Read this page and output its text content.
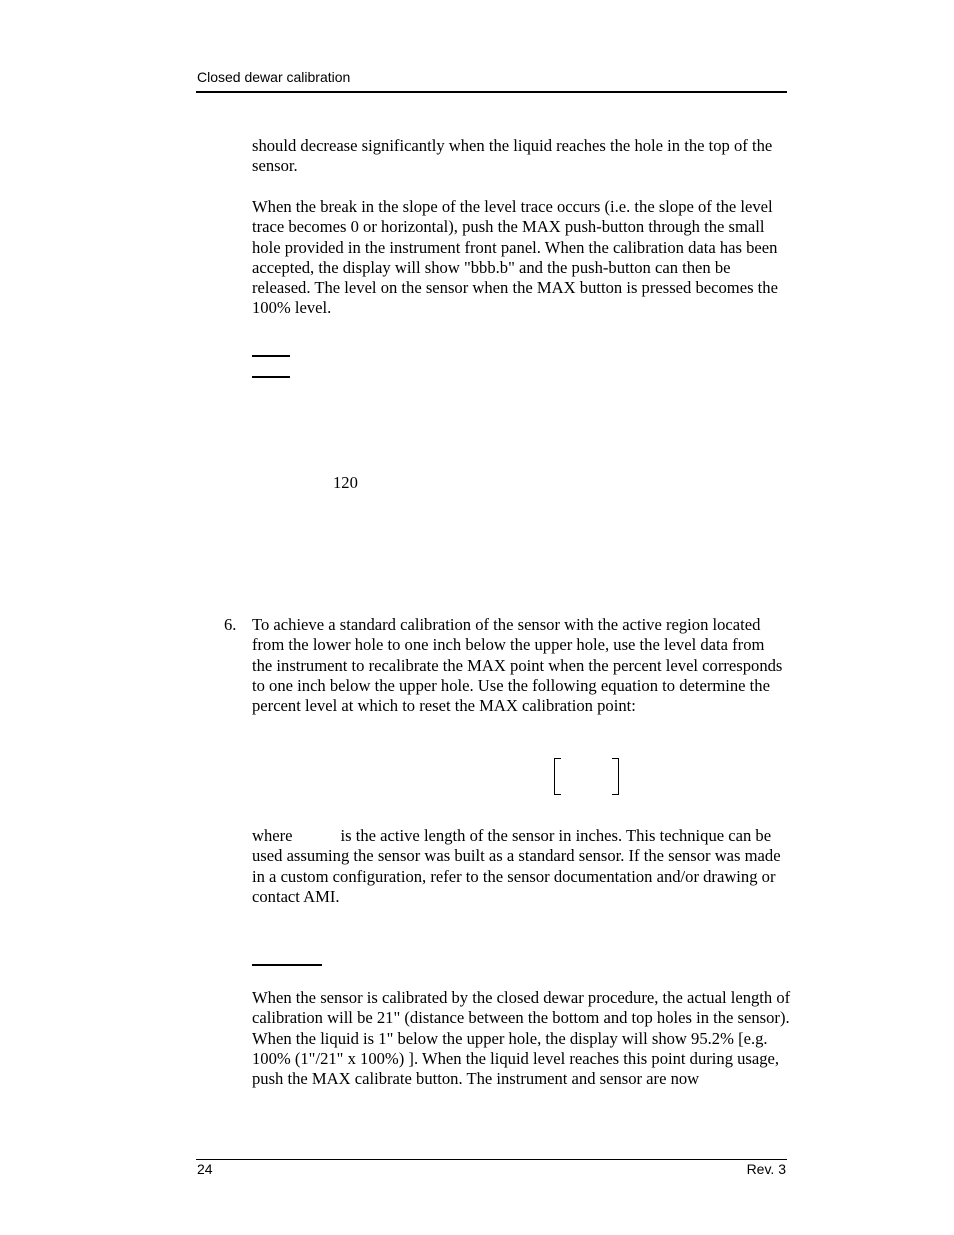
Closed dewar calibration
should decrease significantly when the liquid reaches the hole in the top of the sensor.
When the break in the slope of the level trace occurs (i.e. the slope of the level trace becomes 0 or horizontal), push the MAX push-button through the small hole provided in the instrument front panel. When the calibration data has been accepted, the display will show "bbb.b" and the push-button can then be released. The level on the sensor when the MAX button is pressed becomes the 100% level.
120
6. To achieve a standard calibration of the sensor with the active region located from the lower hole to one inch below the upper hole, use the level data from the instrument to recalibrate the MAX point when the percent level corresponds to one inch below the upper hole. Use the following equation to determine the percent level at which to reset the MAX calibration point:
where	is the active length of the sensor in inches. This technique can be used assuming the sensor was built as a standard sensor. If the sensor was made in a custom configuration, refer to the sensor documentation and/or drawing or contact AMI.
When the sensor is calibrated by the closed dewar procedure, the actual length of calibration will be 21" (distance between the bottom and top holes in the sensor). When the liquid is 1" below the upper hole, the display will show 95.2% [e.g. 100% (1"/21" x 100%) ]. When the liquid level reaches this point during usage, push the MAX calibrate button. The instrument and sensor are now
24	Rev. 3
